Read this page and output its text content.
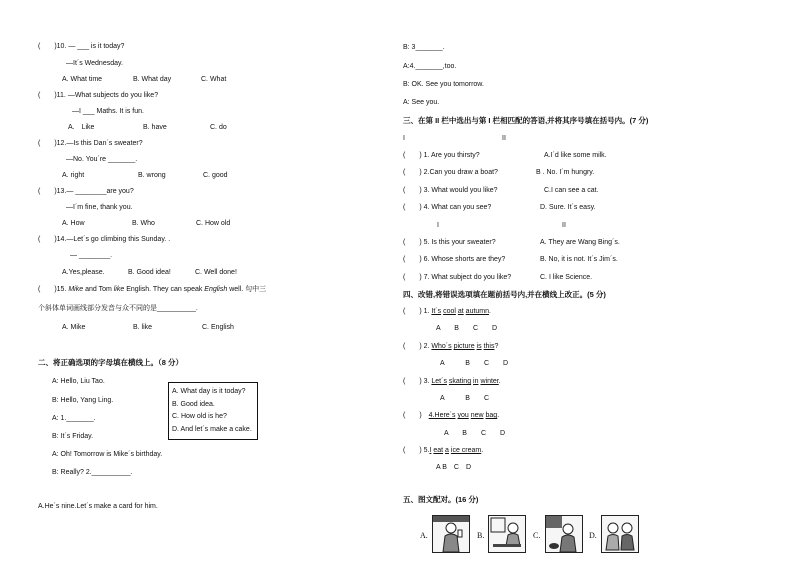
(　　)10. — ___ is it today?
—It´s Wednesday.
A. What time	B. What day	C. What
(　　)11. —What subjects do you like?
—I ___ Maths. It is fun.
A.　Like	B. have	C. do
(　　)12.—Is this Dan´s sweater?
—No. You´re _______.
A. right	B. wrong	C. good
(　　)13.— ________are you?
—I´m fine, thank you.
A. How	B. Who	C. How old
(　　)14.—Let´s go climbing this Sunday. .
— ________.
A.Yes,please.	B. Good idea!	C. Well done!
(　　)15. Mike and Tom like English. They can speak English well. 句中三
个斜体单词画线部分发音与众不同的是__________.
A. Mike	B. like	C. English
二、将正确选项的字母填在横线上。（8 分）
A: Hello, Liu Tao.
B: Hello, Yang Ling.
A: 1._______.
B: It´s Friday.
A: Oh! Tomorrow is Mike´s birthday.
B: Really? 2.__________.
A. What day is it today?
B. Good idea.
C. How old is he?
D. And let´s make a cake.
A.He´s nine.Let´s make a card for him.
B: 3_______.
A:4._______,too.
B: OK. See you tomorrow.
A: See you.
三、在第 II 栏中选出与第 I 栏相匹配的答语,并将其序号填在括号内。(7 分)
I	II
(　　) 1. Are you thirsty?	A.I´d like some milk.
(　　) 2.Can you draw a boat?	B . No. I´m hungry.
(　　) 3. What would you like?	C.I can see a cat.
(　　) 4. What can you see?	D. Sure. It´s easy.
I	II
(　　) 5. Is this your sweater?	A. They are Wang Bing´s.
(　　) 6. Whose shorts are they?	B. No, it is not. It´s Jim´s.
(　　) 7. What subject do you like?	C. I like Science.
四、改错,将错误选项填在题前括号内,并在横线上改正。(5 分)
(　　) 1. It´s cool at autumn.
A　　B　　C　　D
(　　) 2. Who´s picture is this?
A　　　B　　C　　D
(　　) 3. Let´s skating in winter.
A　　　B　　C
(　　)　4.Here´s you new bag.
A　　B　　C　　D
(　　) 5.I eat a ice cream.
A B　C　D
五、图文配对。(16 分)
A.	B.	C.	D.
